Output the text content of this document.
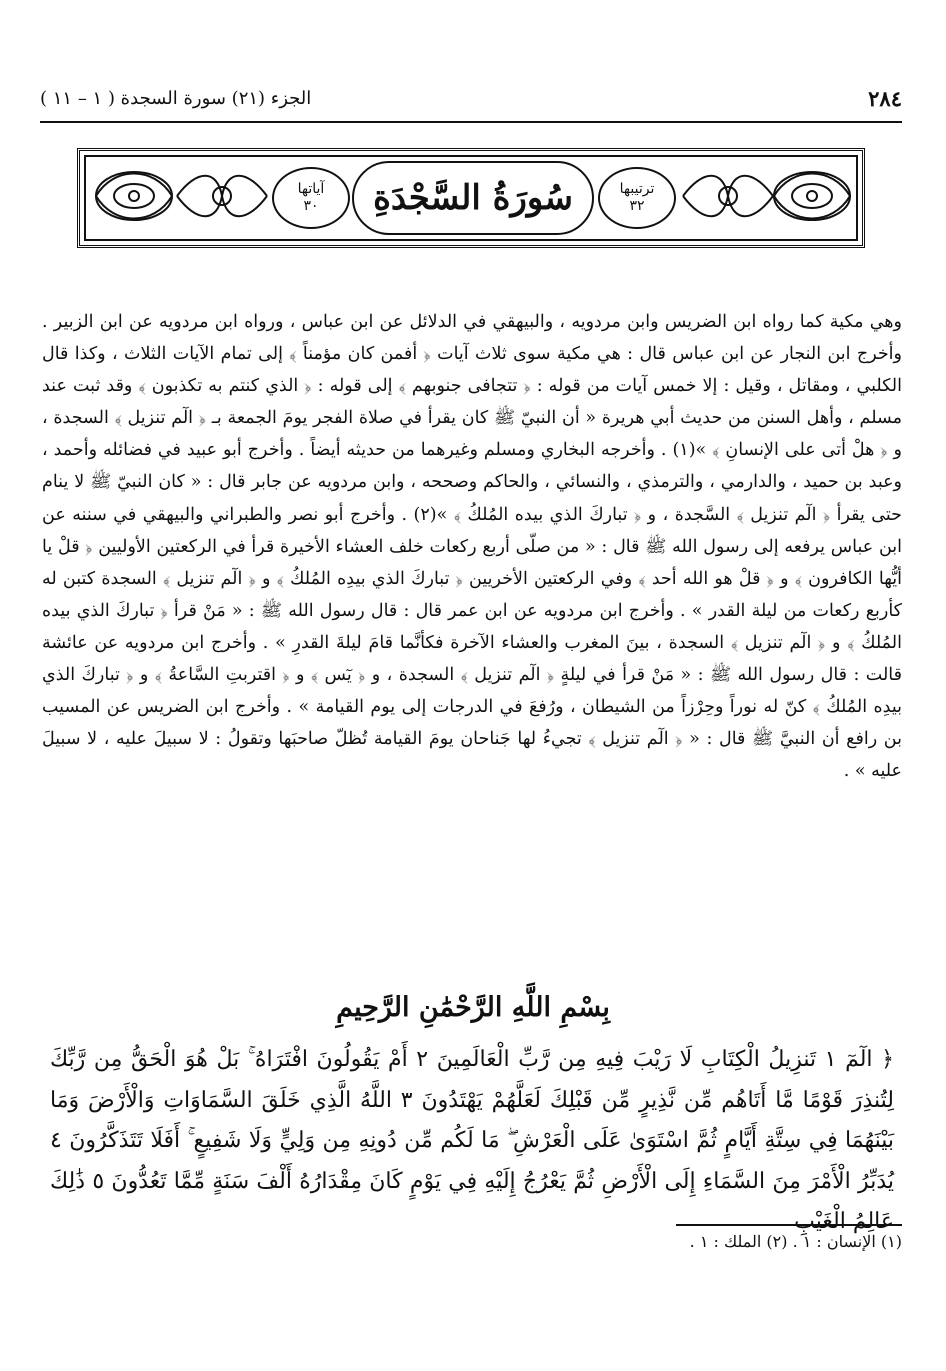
٢٨٤
الجزء (٢١) سورة السجدة ( ١ – ١١ )
آياتها
٣٠ سُورَةُ السَّجْدَةِ	ترتيبها
٣٢
وهي مكية كما رواه ابن الضريس وابن مردويه ، والبيهقي في الدلائل عن ابن عباس ، ورواه ابن مردويه عن ابن الزبير . وأخرج ابن النجار عن ابن عباس قال : هي مكية سوى ثلاث آيات ﴿ أفمن كان مؤمناً ﴾ إلى تمام الآيات الثلاث ، وكذا قال الكلبي ، ومقاتل ، وقيل : إلا خمس آيات من قوله : ﴿ تتجافى جنوبهم ﴾ إلى قوله : ﴿ الذي كنتم به تكذبون ﴾ وقد ثبت عند مسلم ، وأهل السنن من حديث أبي هريرة « أن النبيّ ﷺ كان يقرأ في صلاة الفجر يومَ الجمعة بـ ﴿ الٓم تنزيل ﴾ السجدة ، و ﴿ هلْ أتى على الإنسانِ ﴾ »(١) . وأخرجه البخاري ومسلم وغيرهما من حديثه أيضاً . وأخرج أبو عبيد في فضائله وأحمد ، وعبد بن حميد ، والدارمي ، والترمذي ، والنسائي ، والحاكم وصححه ، وابن مردويه عن جابر قال : « كان النبيّ ﷺ لا ينام حتى يقرأ ﴿ الٓم تنزيل ﴾ السَّجدة ، و ﴿ تباركَ الذي بيده المُلكُ ﴾ »(٢) . وأخرج أبو نصر والطبراني والبيهقي في سننه عن ابن عباس يرفعه إلى رسول الله ﷺ قال : « من صلّى أربع ركعات خلف العشاء الأخيرة قرأ في الركعتين الأوليين ﴿ قلْ يا أيُّها الكافرون ﴾ و ﴿ قلْ هو الله أحد ﴾ وفي الركعتين الأخريين ﴿ تباركَ الذي بيدِه المُلكُ ﴾ و ﴿ الٓم تنزيل ﴾ السجدة كتبن له كأربع ركعات من ليلة القدر » . وأخرج ابن مردويه عن ابن عمر قال : قال رسول الله ﷺ : « مَنْ قرأ ﴿ تباركَ الذي بيده المُلكُ ﴾ و ﴿ الٓم تنزيل ﴾ السجدة ، بينَ المغرب والعشاء الآخرة فكأنَّما قامَ ليلةَ القدرِ » . وأخرج ابن مردويه عن عائشة قالت : قال رسول الله ﷺ : « مَنْ قرأ في ليلةٍ ﴿ الٓم تنزيل ﴾ السجدة ، و ﴿ يٓس ﴾ و ﴿ اقتربتِ السَّاعةُ ﴾ و ﴿ تباركَ الذي بيدِه المُلكُ ﴾ كنّ له نوراً وحِرْزاً من الشيطان ، ورُفعَ في الدرجات إلى يوم القيامة » . وأخرج ابن الضريس عن المسيب بن رافع أن النبيَّ ﷺ قال : « ﴿ الٓم تنزيل ﴾ تجيءُ لها جَناحان يومَ القيامة تُظلّ صاحبَها وتقولُ : لا سبيلَ عليه ، لا سبيلَ عليه » .
بِسْمِ اللَّهِ الرَّحْمَٰنِ الرَّحِيمِ
﴿ الٓمٓ ١ تَنزِيلُ الْكِتَابِ لَا رَيْبَ فِيهِ مِن رَّبِّ الْعَالَمِينَ ٢ أَمْ يَقُولُونَ افْتَرَاهُ ۚ بَلْ هُوَ الْحَقُّ مِن رَّبِّكَ لِتُنذِرَ قَوْمًا مَّا أَتَاهُم مِّن نَّذِيرٍ مِّن قَبْلِكَ لَعَلَّهُمْ يَهْتَدُونَ ٣ اللَّهُ الَّذِي خَلَقَ السَّمَاوَاتِ وَالْأَرْضَ وَمَا بَيْنَهُمَا فِي سِتَّةِ أَيَّامٍ ثُمَّ اسْتَوَىٰ عَلَى الْعَرْشِ ۖ مَا لَكُم مِّن دُونِهِ مِن وَلِيٍّ وَلَا شَفِيعٍ ۚ أَفَلَا تَتَذَكَّرُونَ ٤ يُدَبِّرُ الْأَمْرَ مِنَ السَّمَاءِ إِلَى الْأَرْضِ ثُمَّ يَعْرُجُ إِلَيْهِ فِي يَوْمٍ كَانَ مِقْدَارُهُ أَلْفَ سَنَةٍ مِّمَّا تَعُدُّونَ ٥ ذَٰلِكَ عَالِمُ الْغَيْبِ
(١) الإنسان : ١ . (٢) الملك : ١ .
